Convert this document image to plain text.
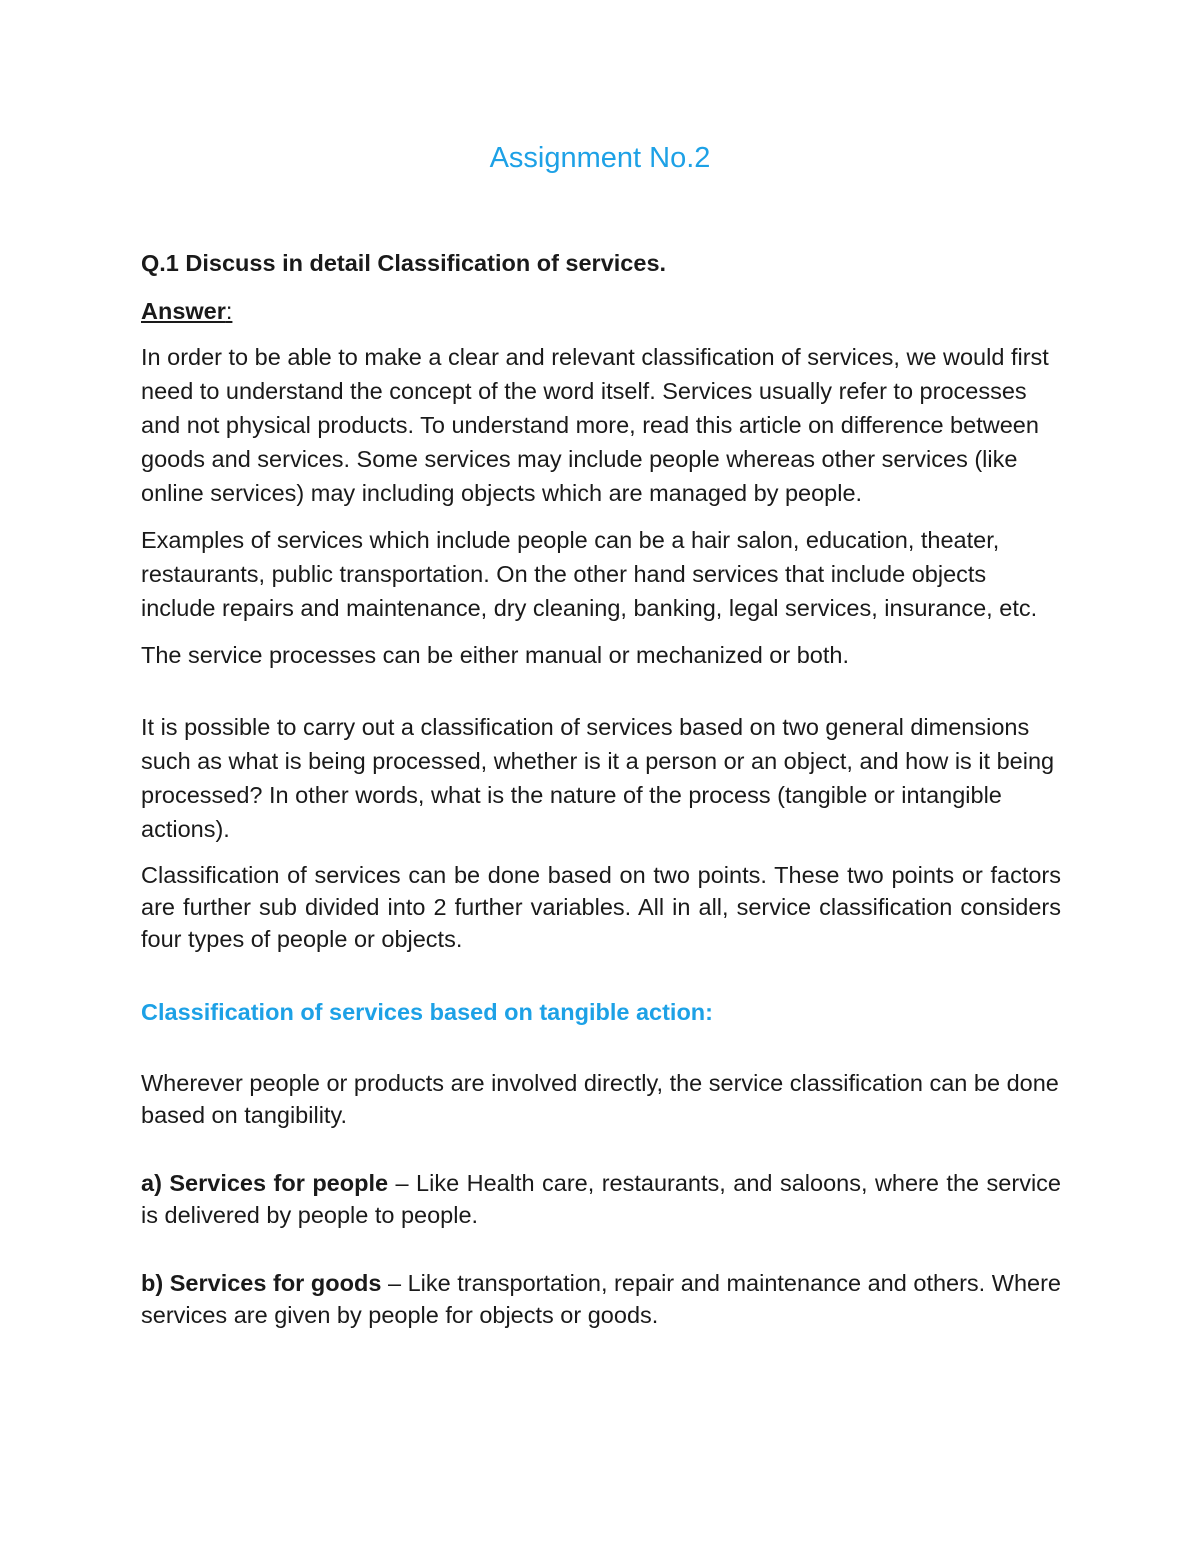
Assignment No.2

Q.1 Discuss in detail Classification of services.

Answer:

In order to be able to make a clear and relevant classification of services, we would first need to understand the concept of the word itself. Services usually refer to processes and not physical products. To understand more, read this article on difference between goods and services. Some services may include people whereas other services (like online services) may including objects which are managed by people.

Examples of services which include people can be a hair salon, education, theater, restaurants, public transportation. On the other hand services that include objects include repairs and maintenance, dry cleaning, banking, legal services, insurance, etc.

The service processes can be either manual or mechanized or both.

It is possible to carry out a classification of services based on two general dimensions such as what is being processed, whether is it a person or an object, and how is it being processed? In other words, what is the nature of the process (tangible or intangible actions).

Classification of services can be done based on two points. These two points or factors are further sub divided into 2 further variables. All in all, service classification considers four types of people or objects.

Classification of services based on tangible action:

Wherever people or products are involved directly, the service classification can be done based on tangibility.

a) Services for people – Like Health care, restaurants, and saloons, where the service is delivered by people to people.

b) Services for goods – Like transportation, repair and maintenance and others. Where services are given by people for objects or goods.
